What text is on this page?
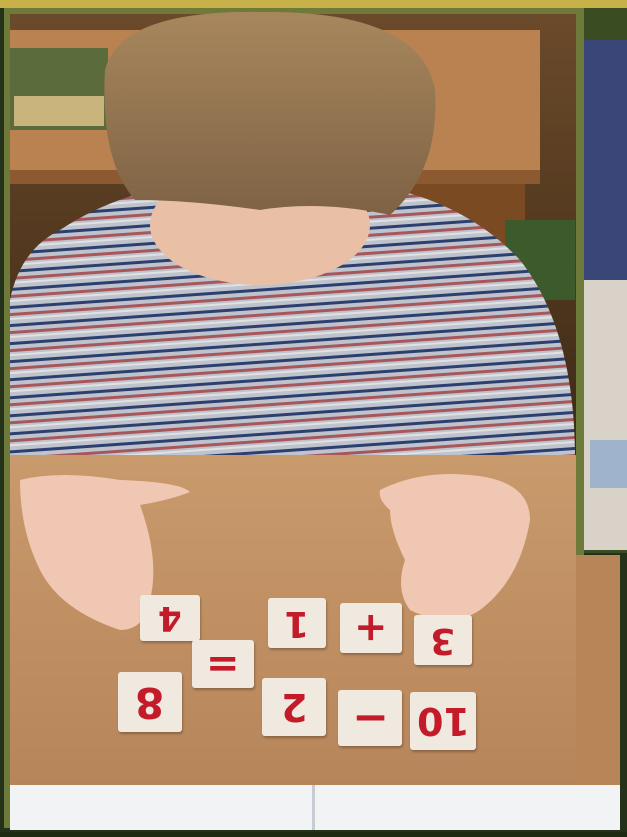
3
+
1
4
=
10
−
2
8
